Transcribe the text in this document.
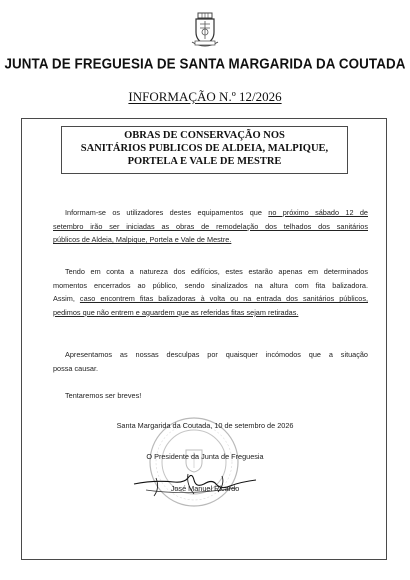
JUNTA DE FREGUESIA DE SANTA MARGARIDA DA COUTADA
INFORMAÇÃO N.º 12/2026
OBRAS DE CONSERVAÇÃO NOS
SANITÁRIOS PUBLICOS DE ALDEIA, MALPIQUE,
PORTELA E VALE DE MESTRE
Informam-se os utilizadores destes equipamentos que no próximo sábado 12 de
setembro irão ser iniciadas as obras de remodelação dos telhados dos sanitários
públicos de Aldeia, Malpique, Portela e Vale de Mestre.
Tendo em conta a natureza dos edifícios, estes estarão apenas em determinados
momentos encerrados ao público, sendo sinalizados na altura com fita balizadora.
Assim, caso encontrem fitas balizadoras à volta ou na entrada dos sanitários públicos,
pedimos que não entrem e aguardem que as referidas fitas sejam retiradas.
Apresentamos as nossas desculpas por quaisquer incómodos que a situação
possa causar.
Tentaremos ser breves!
Santa Margarida da Coutada, 10 de setembro de 2026
O Presidente da Junta de Freguesia
José Manuel Ricardo
